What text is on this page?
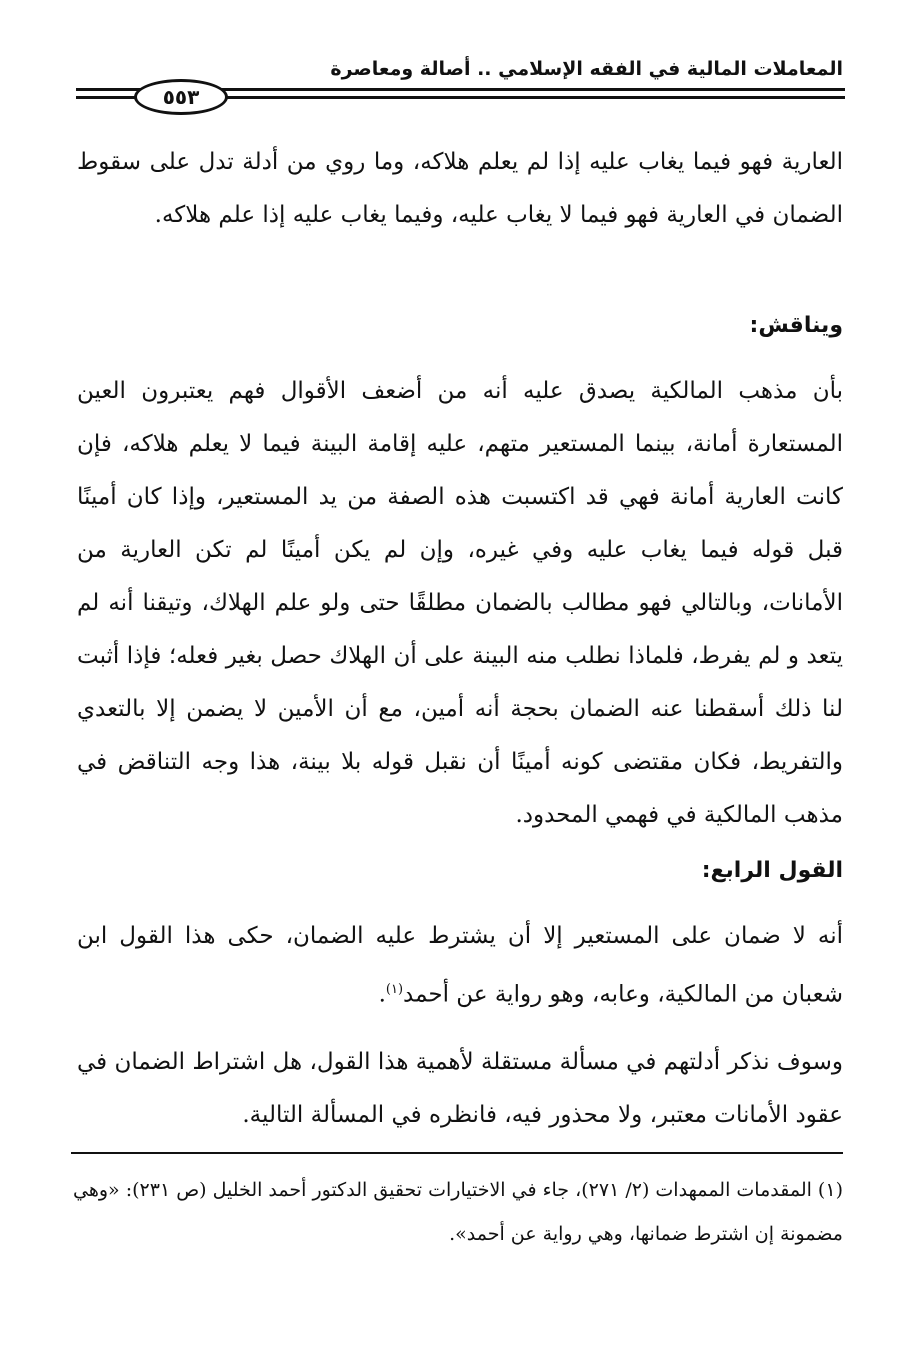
المعاملات المالية في الفقه الإسلامي .. أصالة ومعاصرة
٥٥٣

العارية فهو فيما يغاب عليه إذا لم يعلم هلاكه، وما روي من أدلة تدل على سقوط الضمان في العارية فهو فيما لا يغاب عليه، وفيما يغاب عليه إذا علم هلاكه.

ويناقش:

بأن مذهب المالكية يصدق عليه أنه من أضعف الأقوال فهم يعتبرون العين المستعارة أمانة، بينما المستعير متهم، عليه إقامة البينة فيما لا يعلم هلاكه، فإن كانت العارية أمانة فهي قد اكتسبت هذه الصفة من يد المستعير، وإذا كان أمينًا قبل قوله فيما يغاب عليه وفي غيره، وإن لم يكن أمينًا لم تكن العارية من الأمانات، وبالتالي فهو مطالب بالضمان مطلقًا حتى ولو علم الهلاك، وتيقنا أنه لم يتعد و لم يفرط، فلماذا نطلب منه البينة على أن الهلاك حصل بغير فعله؛ فإذا أثبت لنا ذلك أسقطنا عنه الضمان بحجة أنه أمين، مع أن الأمين لا يضمن إلا بالتعدي والتفريط، فكان مقتضى كونه أمينًا أن نقبل قوله بلا بينة، هذا وجه التناقض في مذهب المالكية في فهمي المحدود.

القول الرابع:

أنه لا ضمان على المستعير إلا أن يشترط عليه الضمان، حكى هذا القول ابن شعبان من المالكية، وعابه، وهو رواية عن أحمد$^{(١)}$.

وسوف نذكر أدلتهم في مسألة مستقلة لأهمية هذا القول، هل اشتراط الضمان في عقود الأمانات معتبر، ولا محذور فيه، فانظره في المسألة التالية.

(١) المقدمات الممهدات (٢/ ٢٧١)، جاء في الاختيارات تحقيق الدكتور أحمد الخليل (ص ٢٣١): «وهي مضمونة إن اشترط ضمانها، وهي رواية عن أحمد».
